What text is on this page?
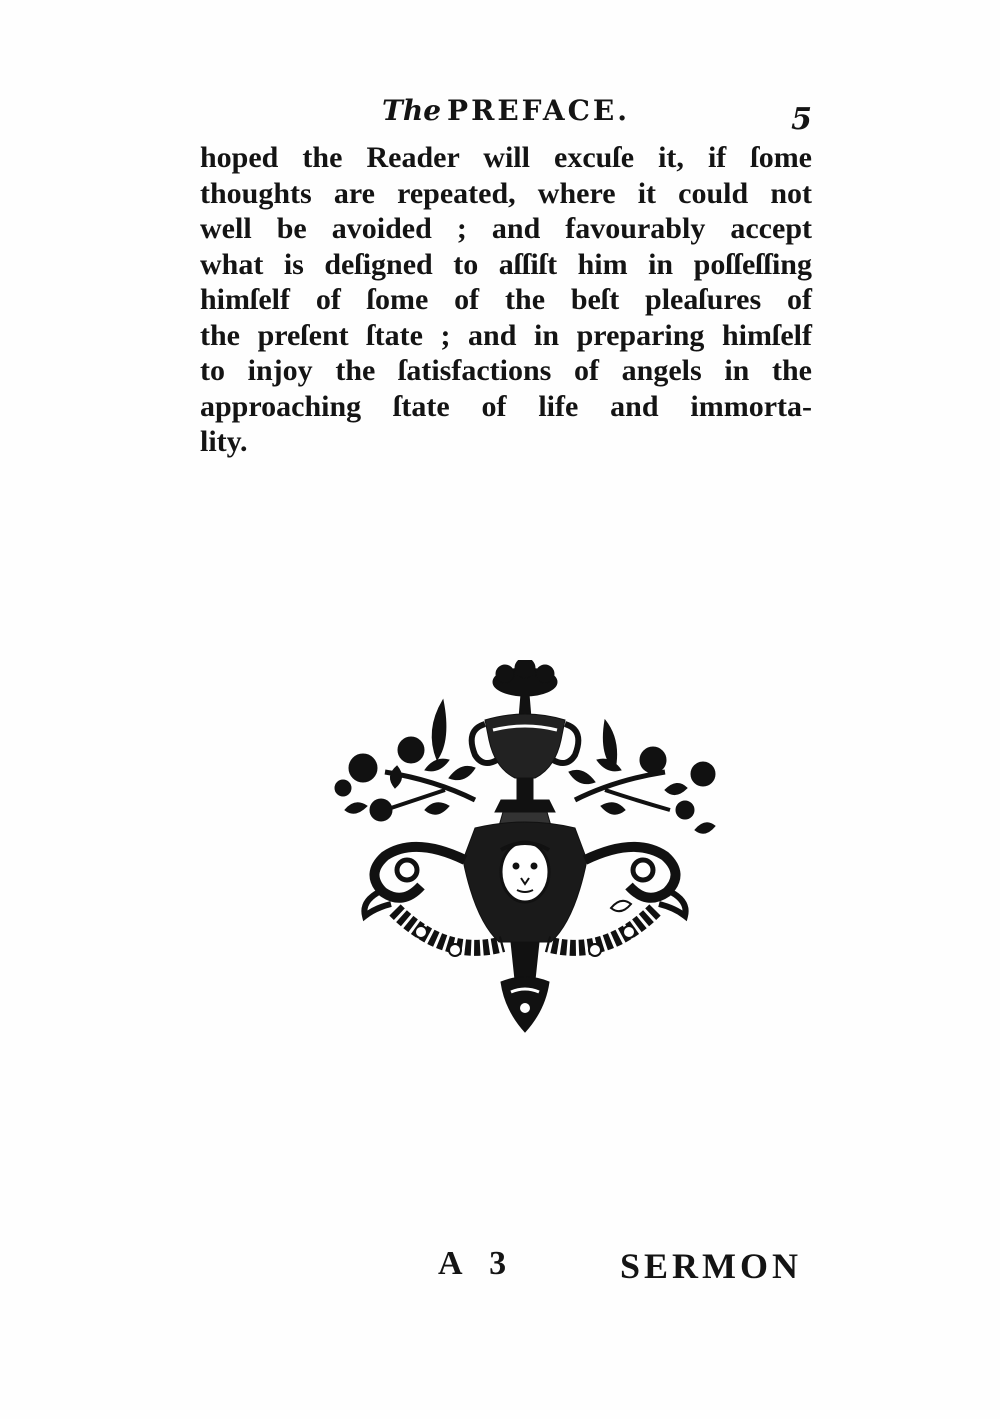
The PREFACE.	5
hoped the Reader will excuſe it, if ſome
thoughts are repeated, where it could not
well be avoided ; and favourably accept
what is deſigned to aſſiſt him in poſſeſſing
himſelf of ſome of the beſt pleaſures of
the preſent ſtate ; and in preparing himſelf
to injoy the ſatisfactions of angels in the
approaching ſtate of life and immorta-
lity.
A 3	SERMON
